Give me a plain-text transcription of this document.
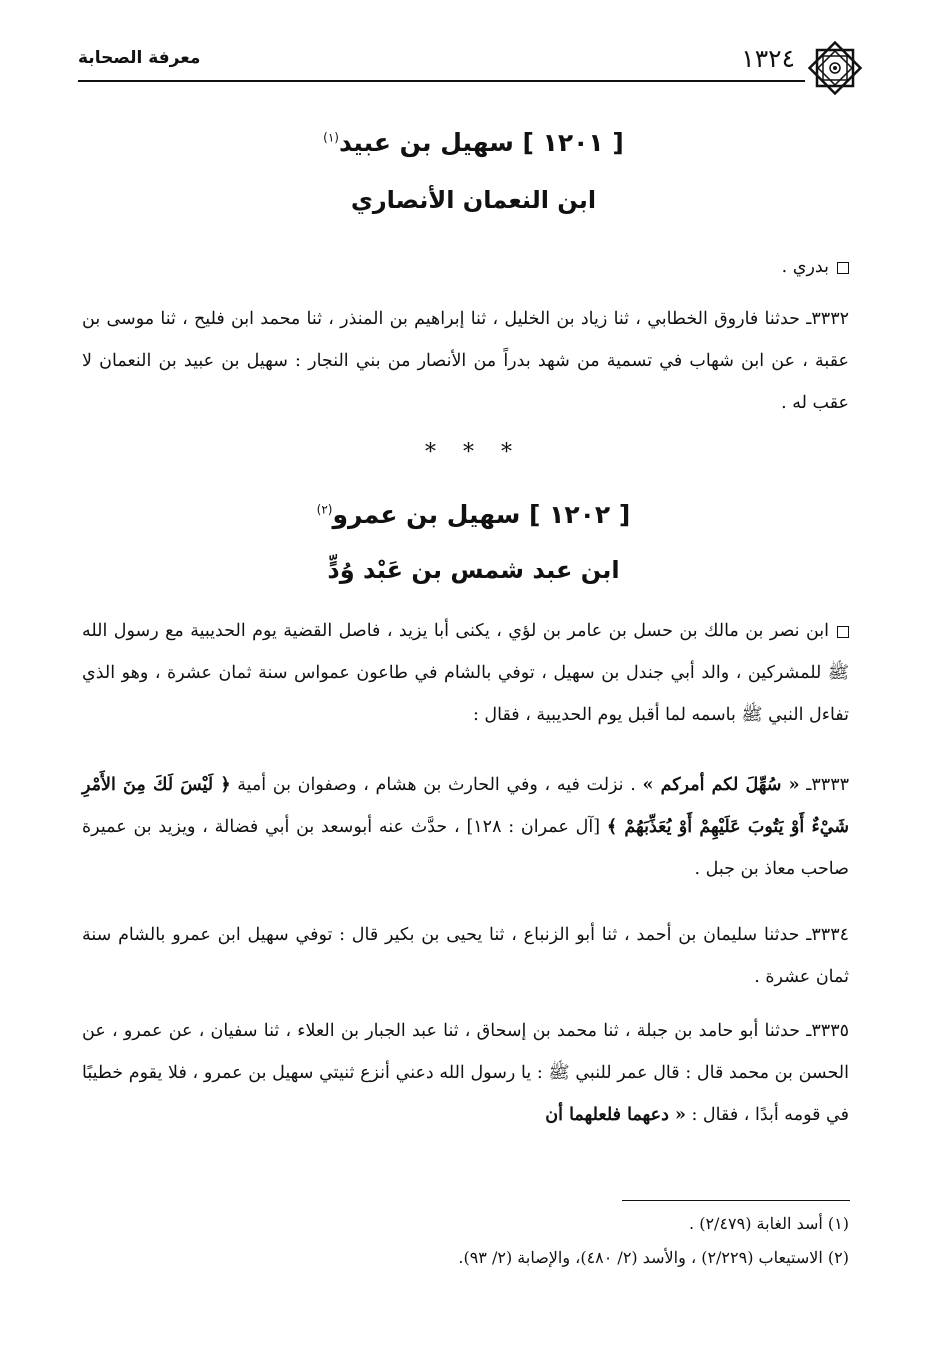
معرفة الصحابة	١٣٢٤
[ ١٢٠١ ] سهيل بن عبيد$^{(١)}$
ابن النعمان الأنصاري
بدري .
٣٣٣٢ـ حدثنا فاروق الخطابي ، ثنا زياد بن الخليل ، ثنا إبراهيم بن المنذر ، ثنا محمد ابن فليح ، ثنا موسى بن عقبة ، عن ابن شهاب في تسمية من شهد بدراً من الأنصار من بني النجار : سهيل بن عبيد بن النعمان لا عقب له .
* * *
[ ١٢٠٢ ] سهيل بن عمرو$^{(٢)}$
ابن عبد شمس بن عَبْد وُدٍّ
ابن نصر بن مالك بن حسل بن عامر بن لؤي ، يكنى أبا يزيد ، فاصل القضية يوم الحديبية مع رسول الله ﷺ للمشركين ، والد أبي جندل بن سهيل ، توفي بالشام في طاعون عمواس سنة ثمان عشرة ، وهو الذي تفاءل النبي ﷺ باسمه لما أقبل يوم الحديبية ، فقال :
٣٣٣٣ـ « سُهِّلَ لكم أمركم » . نزلت فيه ، وفي الحارث بن هشام ، وصفوان بن أمية ﴿ لَيْسَ لَكَ مِنَ الأَمْرِ شَيْءٌ أَوْ يَتُوبَ عَلَيْهِمْ أَوْ يُعَذِّبَهُمْ ﴾ [آل عمران : ١٢٨] ، حدَّث عنه أبوسعد بن أبي فضالة ، ويزيد بن عميرة صاحب معاذ بن جبل .
٣٣٣٤ـ حدثنا سليمان بن أحمد ، ثنا أبو الزنباع ، ثنا يحيى بن بكير قال : توفي سهيل ابن عمرو بالشام سنة ثمان عشرة .
٣٣٣٥ـ حدثنا أبو حامد بن جبلة ، ثنا محمد بن إسحاق ، ثنا عبد الجبار بن العلاء ، ثنا سفيان ، عن عمرو ، عن الحسن بن محمد قال : قال عمر للنبي ﷺ : يا رسول الله دعني أنزع ثنيتي سهيل بن عمرو ، فلا يقوم خطيبًا في قومه أبدًا ، فقال : « دعهما فلعلهما أن
(١) أسد الغابة (٢/٤٧٩) .
(٢) الاستيعاب (٢/٢٢٩) ، والأسد (٢/ ٤٨٠)، والإصابة (٢/ ٩٣).
